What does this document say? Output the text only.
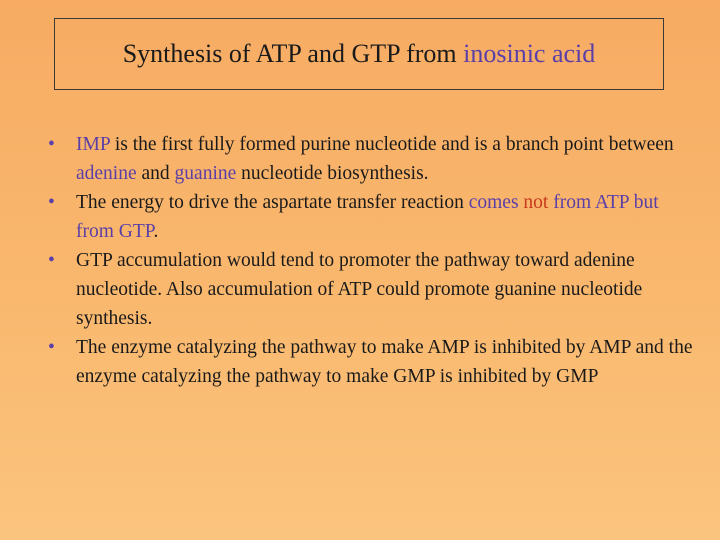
Synthesis of ATP and GTP from inosinic acid
• IMP is the first fully formed purine nucleotide and is a branch point between adenine and guanine nucleotide biosynthesis.
• The energy to drive the aspartate transfer reaction comes not from ATP but from GTP.
• GTP accumulation would tend to promoter the pathway toward adenine nucleotide. Also accumulation of ATP could promote guanine nucleotide synthesis.
• The enzyme catalyzing the pathway to make AMP is inhibited by AMP and the enzyme catalyzing the pathway to make GMP is inhibited by GMP
